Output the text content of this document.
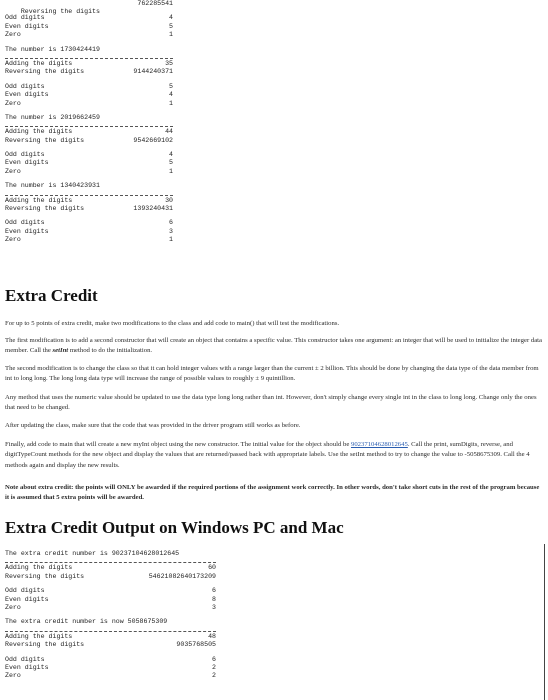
Reversing the digits
762285541

Odd digits	4
Even digits	5
Zero	1
The number is 1730424419
Adding the digits	35
Reversing the digits	9144240371
Odd digits	5
Even digits	4
Zero	1
The number is 2019662459
Adding the digits	44
Reversing the digits	9542669102
Odd digits	4
Even digits	5
Zero	1
The number is 1340423931
Adding the digits	30
Reversing the digits	1393240431
Odd digits	6
Even digits	3
Zero	1
Extra Credit
For up to 5 points of extra credit, make two modifications to the class and add code to main() that will test the modifications.
The first modification is to add a second constructor that will create an object that contains a specific value. This constructor takes one argument: an integer that will be used to initialize the integer data member. Call the setInt method to do the initialization.
The second modification is to change the class so that it can hold integer values with a range larger than the current ± 2 billion. This should be done by changing the data type of the data member from int to long long. The long long data type will increase the range of possible values to roughly ± 9 quintillion.
Any method that uses the numeric value should be updated to use the data type long long rather than int. However, don't simply change every single int in the class to long long. Change only the ones that need to be changed.
After updating the class, make sure that the code that was provided in the driver program still works as before.
Finally, add code to main that will create a new myInt object using the new constructor. The initial value for the object should be 90237104628012645. Call the print, sumDigits, reverse, and digitTypeCount methods for the new object and display the values that are returned/passed back with appropriate labels. Use the setInt method to try to change the value to -5058675309. Call the 4 methods again and display the new results.
Note about extra credit: the points will ONLY be awarded if the required portions of the assignment work correctly. In other words, don't take short cuts in the rest of the program because it is assumed that 5 extra points will be awarded.
Extra Credit Output on Windows PC and Mac
The extra credit number is 90237104628012645
Adding the digits	60
Reversing the digits	54621082640173209
Odd digits	6
Even digits	8
Zero	3
The extra credit number is now 5058675309
Adding the digits	48
Reversing the digits	9035768505
Odd digits	6
Even digits	2
Zero	2
